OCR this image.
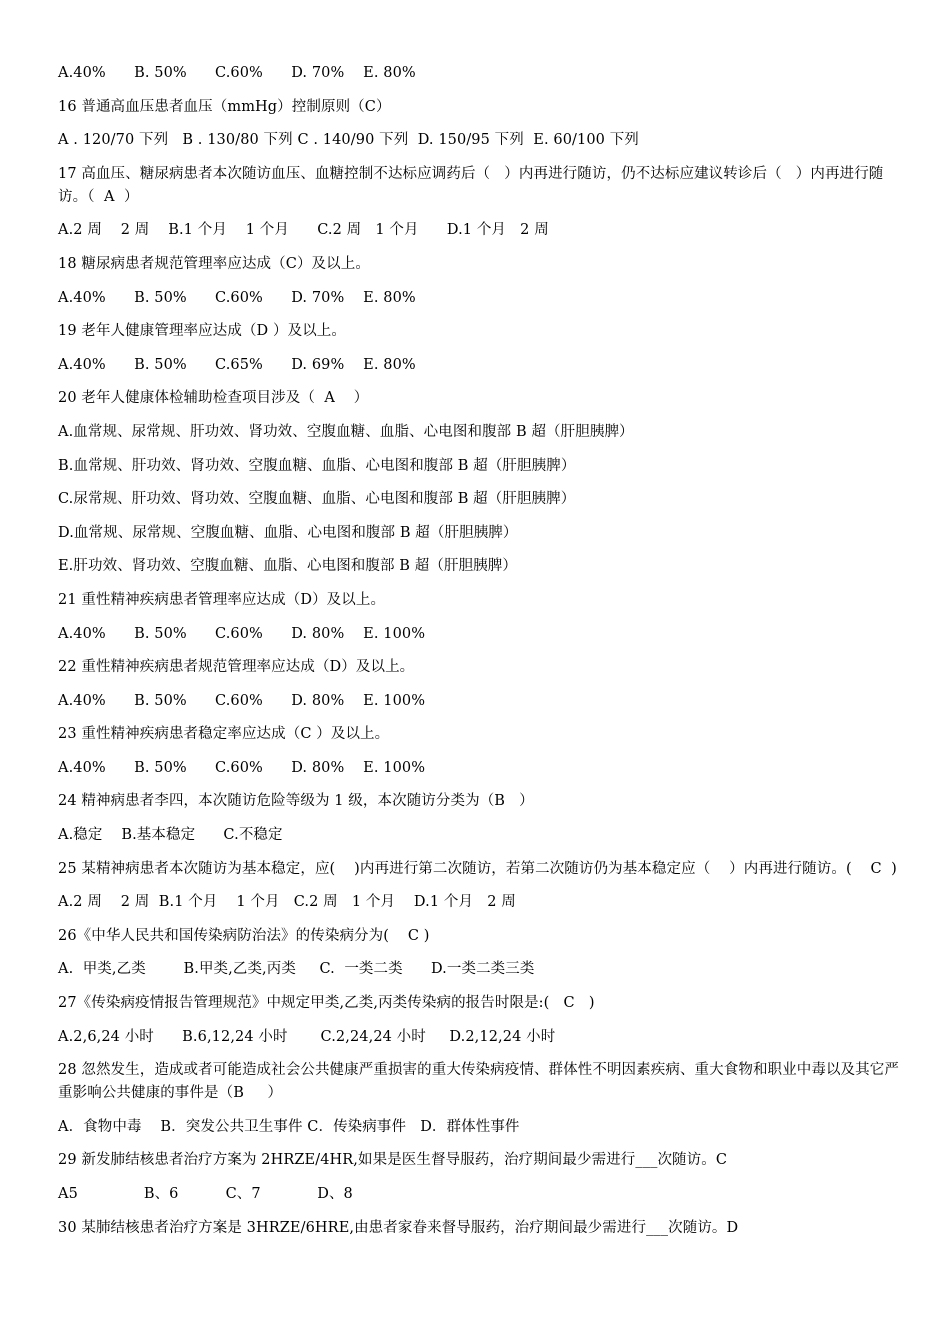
A.40%      B. 50%      C.60%      D. 70%    E. 80%

16 普通高血压患者血压（mmHg）控制原则（C）

A . 120/70 下列   B . 130/80 下列 C . 140/90 下列  D. 150/95 下列  E. 60/100 下列

17 高血压、糖尿病患者本次随访血压、血糖控制不达标应调药后（   ）内再进行随访，仍不达标应建议转诊后（   ）内再进行随访。（  A  ）

A.2 周    2 周    B.1 个月    1 个月      C.2 周   1 个月      D.1 个月   2 周

18 糖尿病患者规范管理率应达成（C）及以上。

A.40%      B. 50%      C.60%      D. 70%    E. 80%

19 老年人健康管理率应达成（D ）及以上。

A.40%      B. 50%      C.65%      D. 69%    E. 80%

20 老年人健康体检辅助检查项目涉及（  A    ）

A.血常规、尿常规、肝功效、肾功效、空腹血糖、血脂、心电图和腹部 B 超（肝胆胰脾）

B.血常规、肝功效、肾功效、空腹血糖、血脂、心电图和腹部 B 超（肝胆胰脾）

C.尿常规、肝功效、肾功效、空腹血糖、血脂、心电图和腹部 B 超（肝胆胰脾）

D.血常规、尿常规、空腹血糖、血脂、心电图和腹部 B 超（肝胆胰脾）

E.肝功效、肾功效、空腹血糖、血脂、心电图和腹部 B 超（肝胆胰脾）

21 重性精神疾病患者管理率应达成（D）及以上。

A.40%      B. 50%      C.60%      D. 80%    E. 100%

22 重性精神疾病患者规范管理率应达成（D）及以上。

A.40%      B. 50%      C.60%      D. 80%    E. 100%

23 重性精神疾病患者稳定率应达成（C ）及以上。

A.40%      B. 50%      C.60%      D. 80%    E. 100%

24 精神病患者李四，本次随访危险等级为 1 级，本次随访分类为（B   ）

A.稳定    B.基本稳定      C.不稳定

25 某精神病患者本次随访为基本稳定，应(    )内再进行第二次随访，若第二次随访仍为基本稳定应（    ）内再进行随访。(    C  )

A.2 周    2 周  B.1 个月    1 个月   C.2 周   1 个月    D.1 个月   2 周

26《中华人民共和国传染病防治法》的传染病分为(    C )

A.  甲类,乙类        B.甲类,乙类,丙类     C.  一类二类      D.一类二类三类

27《传染病疫情报告管理规范》中规定甲类,乙类,丙类传染病的报告时限是:(   C   )

A.2,6,24 小时      B.6,12,24 小时       C.2,24,24 小时     D.2,12,24 小时

28 忽然发生，造成或者可能造成社会公共健康严重损害的重大传染病疫情、群体性不明因素疾病、重大食物和职业中毒以及其它严重影响公共健康的事件是（B     ）

A．食物中毒    B．突发公共卫生事件 C．传染病事件   D．群体性事件

29 新发肺结核患者治疗方案为 2HRZE/4HR,如果是医生督导服药，治疗期间最少需进行___次随访。C

A5              B、6          C、7            D、8

30 某肺结核患者治疗方案是 3HRZE/6HRE,由患者家眷来督导服药，治疗期间最少需进行___次随访。D
